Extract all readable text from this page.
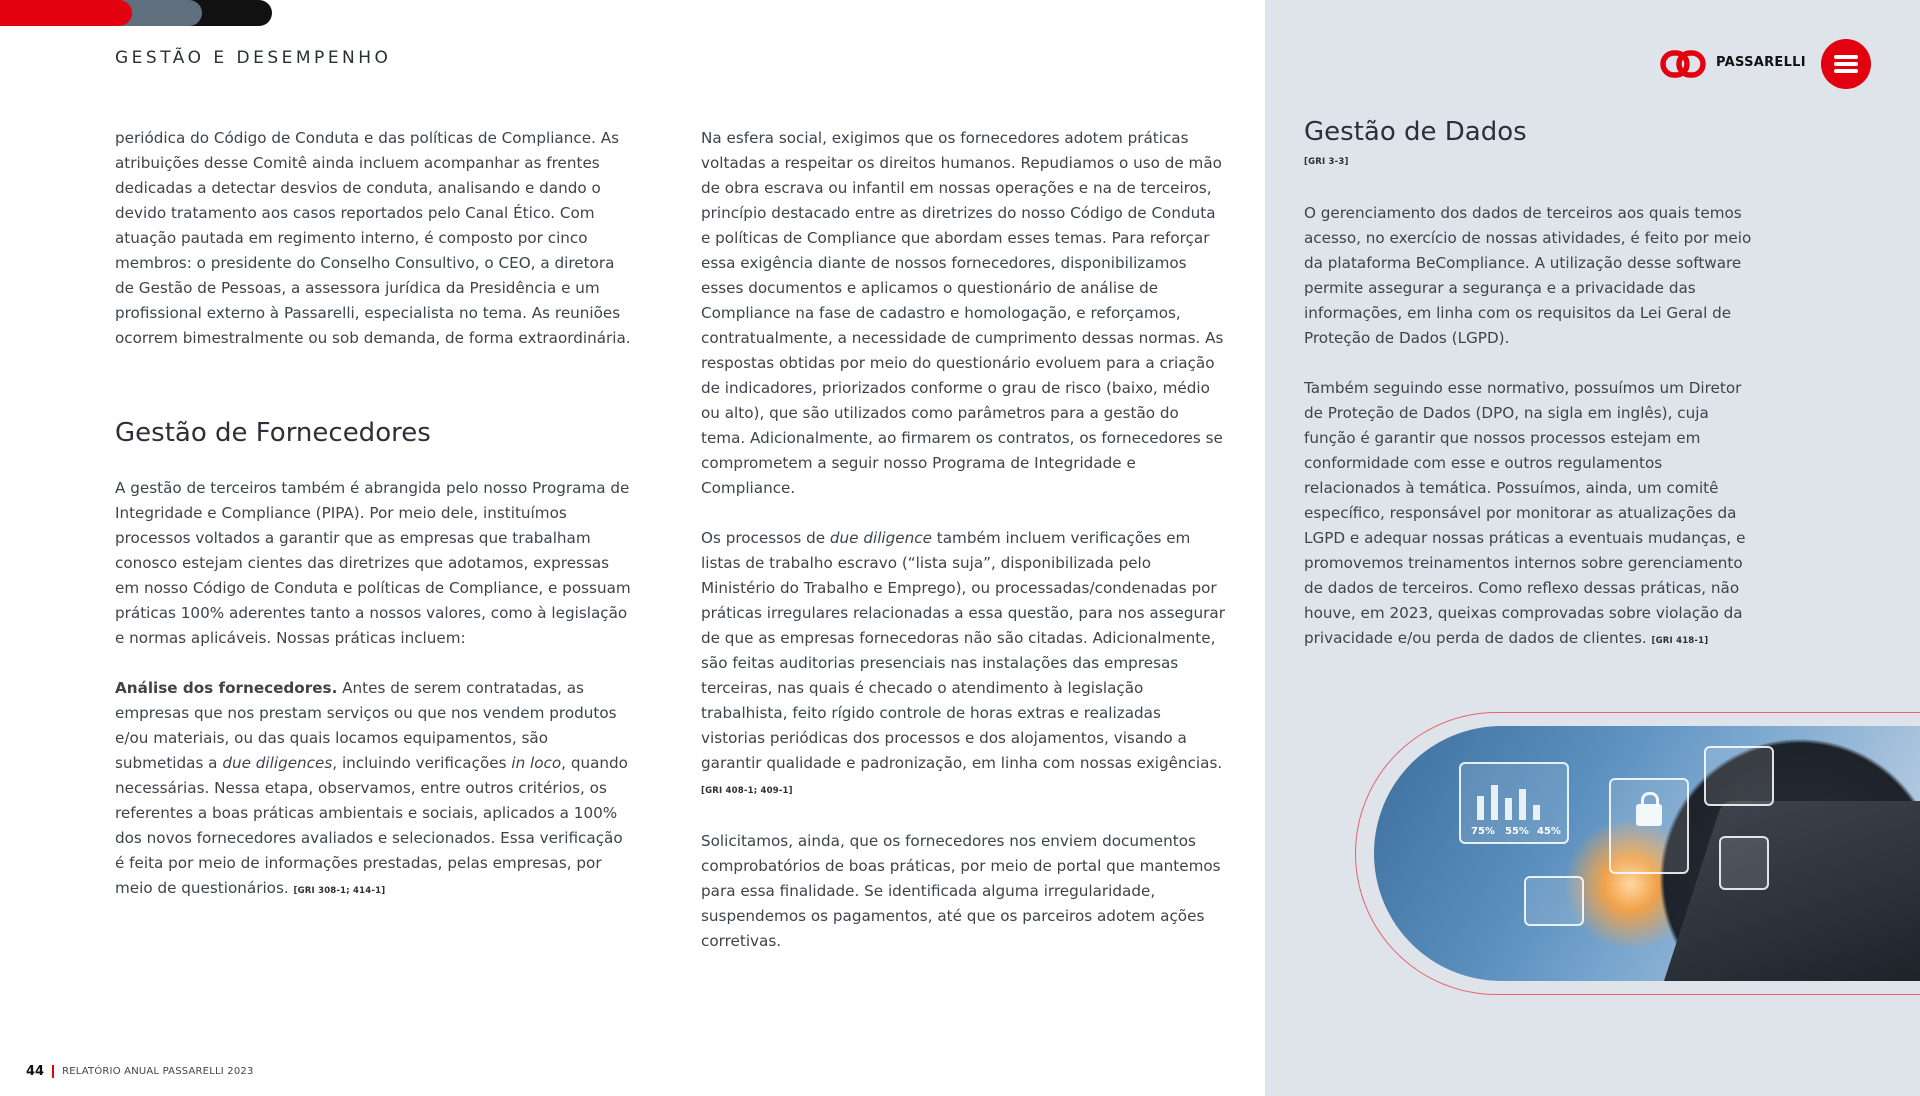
GESTÃO E DESEMPENHO

periódica do Código de Conduta e das políticas de Compliance. As atribuições desse Comitê ainda incluem acompanhar as frentes dedicadas a detectar desvios de conduta, analisando e dando o devido tratamento aos casos reportados pelo Canal Ético. Com atuação pautada em regimento interno, é composto por cinco membros: o presidente do Conselho Consultivo, o CEO, a diretora de Gestão de Pessoas, a assessora jurídica da Presidência e um profissional externo à Passarelli, especialista no tema. As reuniões ocorrem bimestralmente ou sob demanda, de forma extraordinária.

Gestão de Fornecedores

A gestão de terceiros também é abrangida pelo nosso Programa de Integridade e Compliance (PIPA). Por meio dele, instituímos processos voltados a garantir que as empresas que trabalham conosco estejam cientes das diretrizes que adotamos, expressas em nosso Código de Conduta e políticas de Compliance, e possuam práticas 100% aderentes tanto a nossos valores, como à legislação e normas aplicáveis. Nossas práticas incluem:

Análise dos fornecedores. Antes de serem contratadas, as empresas que nos prestam serviços ou que nos vendem produtos e/ou materiais, ou das quais locamos equipamentos, são submetidas a due diligences, incluindo verificações in loco, quando necessárias. Nessa etapa, observamos, entre outros critérios, os referentes a boas práticas ambientais e sociais, aplicados a 100% dos novos fornecedores avaliados e selecionados. Essa verificação é feita por meio de informações prestadas, pelas empresas, por meio de questionários. [GRI 308-1; 414-1]

Na esfera social, exigimos que os fornecedores adotem práticas voltadas a respeitar os direitos humanos. Repudiamos o uso de mão de obra escrava ou infantil em nossas operações e na de terceiros, princípio destacado entre as diretrizes do nosso Código de Conduta e políticas de Compliance que abordam esses temas. Para reforçar essa exigência diante de nossos fornecedores, disponibilizamos esses documentos e aplicamos o questionário de análise de Compliance na fase de cadastro e homologação, e reforçamos, contratualmente, a necessidade de cumprimento dessas normas. As respostas obtidas por meio do questionário evoluem para a criação de indicadores, priorizados conforme o grau de risco (baixo, médio ou alto), que são utilizados como parâmetros para a gestão do tema. Adicionalmente, ao firmarem os contratos, os fornecedores se comprometem a seguir nosso Programa de Integridade e Compliance.

Os processos de due diligence também incluem verificações em listas de trabalho escravo (“lista suja”, disponibilizada pelo Ministério do Trabalho e Emprego), ou processadas/condenadas por práticas irregulares relacionadas a essa questão, para nos assegurar de que as empresas fornecedoras não são citadas. Adicionalmente, são feitas auditorias presenciais nas instalações das empresas terceiras, nas quais é checado o atendimento à legislação trabalhista, feito rígido controle de horas extras e realizadas vistorias periódicas dos processos e dos alojamentos, visando a garantir qualidade e padronização, em linha com nossas exigências. [GRI 408-1; 409-1]

Solicitamos, ainda, que os fornecedores nos enviem documentos comprobatórios de boas práticas, por meio de portal que mantemos para essa finalidade. Se identificada alguma irregularidade, suspendemos os pagamentos, até que os parceiros adotem ações corretivas.

PASSARELLI
Gestão de Dados
[GRI 3-3]

O gerenciamento dos dados de terceiros aos quais temos acesso, no exercício de nossas atividades, é feito por meio da plataforma BeCompliance. A utilização desse software permite assegurar a segurança e a privacidade das informações, em linha com os requisitos da Lei Geral de Proteção de Dados (LGPD).

Também seguindo esse normativo, possuímos um Diretor de Proteção de Dados (DPO, na sigla em inglês), cuja função é garantir que nossos processos estejam em conformidade com esse e outros regulamentos relacionados à temática. Possuímos, ainda, um comitê específico, responsável por monitorar as atualizações da LGPD e adequar nossas práticas a eventuais mudanças, e promovemos treinamentos internos sobre gerenciamento de dados de terceiros. Como reflexo dessas práticas, não houve, em 2023, queixas comprovadas sobre violação da privacidade e/ou perda de dados de clientes. [GRI 418-1]

75% 55% 45%
44 RELATÓRIO ANUAL PASSARELLI 2023
